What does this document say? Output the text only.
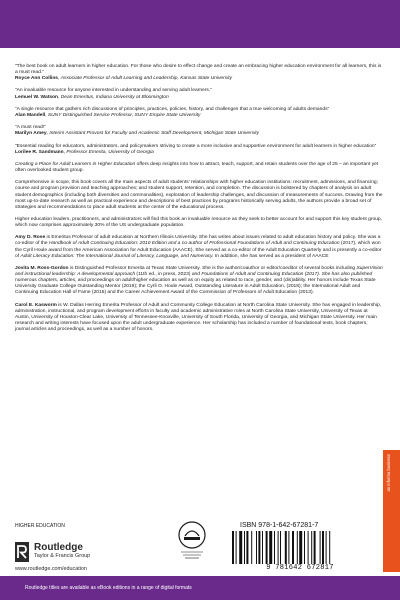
“The best book on adult learners in higher education. For those who desire to effect change and create an embracing higher education environment for all learners, this is a must read.”
Royce Ann Collins, Associate Professor of Adult Learning and Leadership, Kansas State University

“An invaluable resource for anyone interested in understanding and serving adult learners.”
Lemuel W. Watson, Dean Emeritus, Indiana University at Bloomington

“A single resource that gathers rich discussions of principles, practices, policies, history, and challenges that a true welcoming of adults demands”
Alan Mandell, SUNY Distinguished Service Professor, SUNY Empire State University

“A must read!”
Marilyn Amey, Interim Assistant Provost for Faculty and Academic Staff Development, Michigan State University

“Essential reading for educators, administrators, and policymakers striving to create a more inclusive and supportive environment for adult learners in higher education”
Lorilee R. Sandmann, Professor Emerita, University of Georgia

Creating a Place for Adult Learners in Higher Education offers deep insights into how to attract, teach, support, and retain students over the age of 25 – an important yet often overlooked student group.

Comprehensive in scope, this book covers all the main aspects of adult students’ relationships with higher education institutions: recruitment, admissions, and financing; course and program provision and teaching approaches; and student support, retention, and completion. The discussion is bolstered by chapters of analysis on adult student demographics (including both diversities and commonalities), exploration of leadership challenges, and discussion of measurements of success. Drawing from the most up-to-date research as well as practical experience and descriptions of best practices by programs historically serving adults, the authors provide a broad set of strategies and recommendations to place adult students at the center of the educational process.

Higher education leaders, practitioners, and administrators will find this book an invaluable resource as they seek to better account for and support this key student group, which now comprises approximately 30% of the US undergraduate population.

Amy D. Rose is Emeritus Professor of adult education at Northern Illinois University. She has writes about issues related to adult education history and policy. She was a co-editor of the Handbook of Adult Continuing Education: 2010 Edition and a co-author of Professional Foundations of Adult and Continuing Education (2017), which won the Cyril Houle award from the American Association for Adult Education (AAACE). She served as a co-editor of the Adult Education Quarterly and is presently a co-editor of Adult Literacy Education: The International Journal of Literacy, Language, and Numeracy. In addition, she has served as a president of AAACE

Jovita M. Ross-Gordon is Distinguished Professor Emerita at Texas State University. She is the author/coauthor or editor/coeditor of several books including SuperVision and instructional leadership: A developmental approach (11th ed., in press, 2023) and Foundations of Adult and Continuing Education (2017). She has also published numerous chapters, articles, and proceedings on adult/higher education as well as on equity as related to race, gender, and (dis)ability. Her honors include Texas State University Graduate College Outstanding Mentor (2019); the Cyril O. Houle Award, Outstanding Literature in Adult Education, (2018); the International Adult and Continuing Education Hall of Fame (2015) and the Career Achievement Award of the Commission of Professors of Adult Education (2013).

Carol E. Kasworm is W. Dallas Herring Emerita Professor of Adult and Community College Education at North Carolina State University. She has engaged in leadership, administration, instructional, and program development efforts in faculty and academic administrative roles at North Carolina State University, University of Texas at Austin, University of Houston-Clear Lake, University of Tennessee-Knoxville, University of South Florida, University of Georgia, and Michigan State University. Her main research and writing interests have focused upon the adult undergraduate experience. Her scholarship has included a number of foundational texts, book chapters, journal articles and proceedings, as well as a number of honors.

HIGHER EDUCATION
Routledge
Taylor & Francis Group
www.routledge.com/education
ISBN 978-1-642-67281-7
9 781642 672817
an informa business
Routledge titles are available as eBook editions in a range of digital formats
